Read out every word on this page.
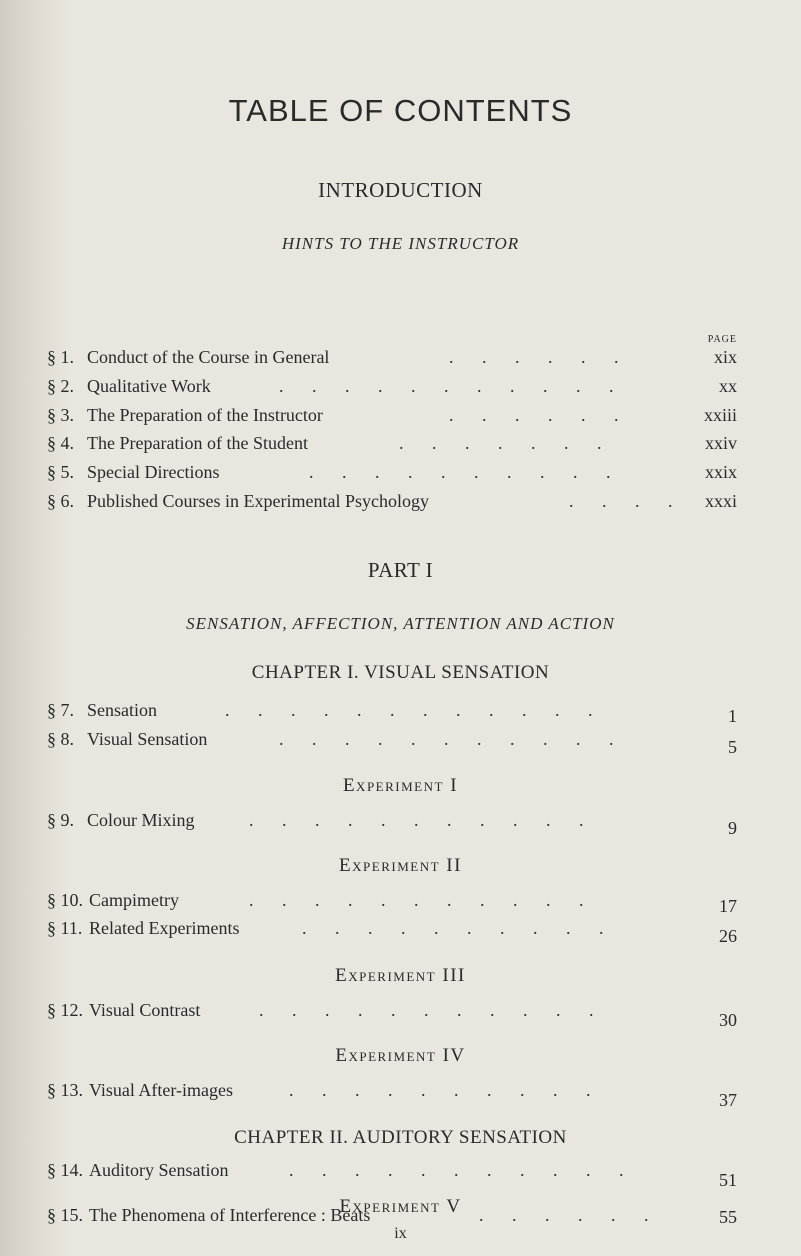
TABLE OF CONTENTS
INTRODUCTION
HINTS TO THE INSTRUCTOR
PAGE
§ 1. Conduct of the Course in General	. . . . . .	xix
§ 2. Qualitative Work	. . . . . . . . . . .	xx
§ 3. The Preparation of the Instructor	. . . . . .	xxiii
§ 4. The Preparation of the Student	. . . . . . .	xxiv
§ 5. Special Directions	. . . . . . . . . .	xxix
§ 6. Published Courses in Experimental Psychology	. . . . xxxi
PART I
SENSATION, AFFECTION, ATTENTION AND ACTION
CHAPTER I. VISUAL SENSATION
§ 7. Sensation	. . . . . . . . . . . .	1
§ 8. Visual Sensation	. . . . . . . . . . .	5
Experiment I
§ 9. Colour Mixing	. . . . . . . . . . .	9
Experiment II
§ 10. Campimetry	. . . . . . . . . . .	17
§ 11. Related Experiments	. . . . . . . . . .	26
Experiment III
§ 12. Visual Contrast	. . . . . . . . . . .	30
Experiment IV
§ 13. Visual After-images	. . . . . . . . . .	37
CHAPTER II. AUDITORY SENSATION
§ 14. Auditory Sensation	. . . . . . . . . . .	51
Experiment V
§ 15. The Phenomena of Interference : Beats	. . . . . .	55
ix
